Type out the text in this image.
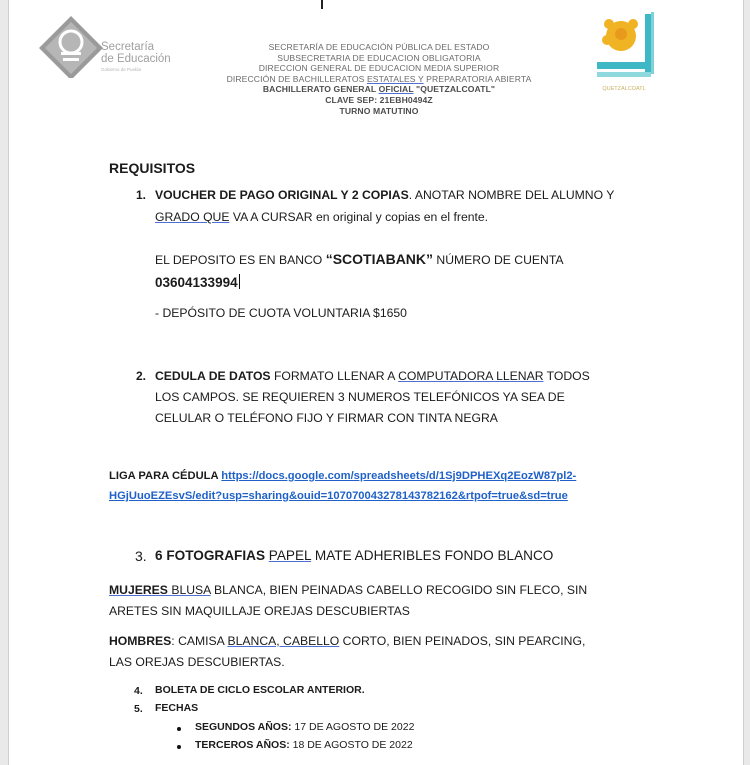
Secretaría
de Educación
Gobierno de Puebla
QUETZALCOATL
SECRETARÍA DE EDUCACIÓN PÚBLICA DEL ESTADO
SUBSECRETARIA DE EDUCACION OBLIGATORIA
DIRECCION GENERAL DE EDUCACION MEDIA SUPERIOR
DIRECCIÓN DE BACHILLERATOS ESTATALES Y PREPARATORIA ABIERTA
BACHILLERATO GENERAL OFICIAL "QUETZALCOATL"
CLAVE SEP: 21EBH0494Z
TURNO MATUTINO
REQUISITOS
1. VOUCHER DE PAGO ORIGINAL Y 2 COPIAS. ANOTAR NOMBRE DEL ALUMNO Y
GRADO QUE VA A CURSAR en original y copias en el frente.
EL DEPOSITO ES EN BANCO “SCOTIABANK” NÚMERO DE CUENTA
03604133994
- DEPÓSITO DE CUOTA VOLUNTARIA $1650
2. CEDULA DE DATOS FORMATO LLENAR A COMPUTADORA LLENAR TODOS
LOS CAMPOS. SE REQUIEREN 3 NUMEROS TELEFÓNICOS YA SEA DE
CELULAR O TELÉFONO FIJO Y FIRMAR CON TINTA NEGRA
LIGA PARA CÉDULA https://docs.google.com/spreadsheets/d/1Sj9DPHEXq2EozW87pl2-
HGjUuoEZEsvS/edit?usp=sharing&ouid=107070043278143782162&rtpof=true&sd=true
3. 6 FOTOGRAFIAS PAPEL MATE ADHERIBLES FONDO BLANCO
MUJERES BLUSA BLANCA, BIEN PEINADAS CABELLO RECOGIDO SIN FLECO, SIN
ARETES SIN MAQUILLAJE OREJAS DESCUBIERTAS
HOMBRES: CAMISA BLANCA, CABELLO CORTO, BIEN PEINADOS, SIN PEARCING,
LAS OREJAS DESCUBIERTAS.
4. BOLETA DE CICLO ESCOLAR ANTERIOR.
5. FECHAS
SEGUNDOS AÑOS: 17 DE AGOSTO DE 2022
TERCEROS AÑOS: 18 DE AGOSTO DE 2022
